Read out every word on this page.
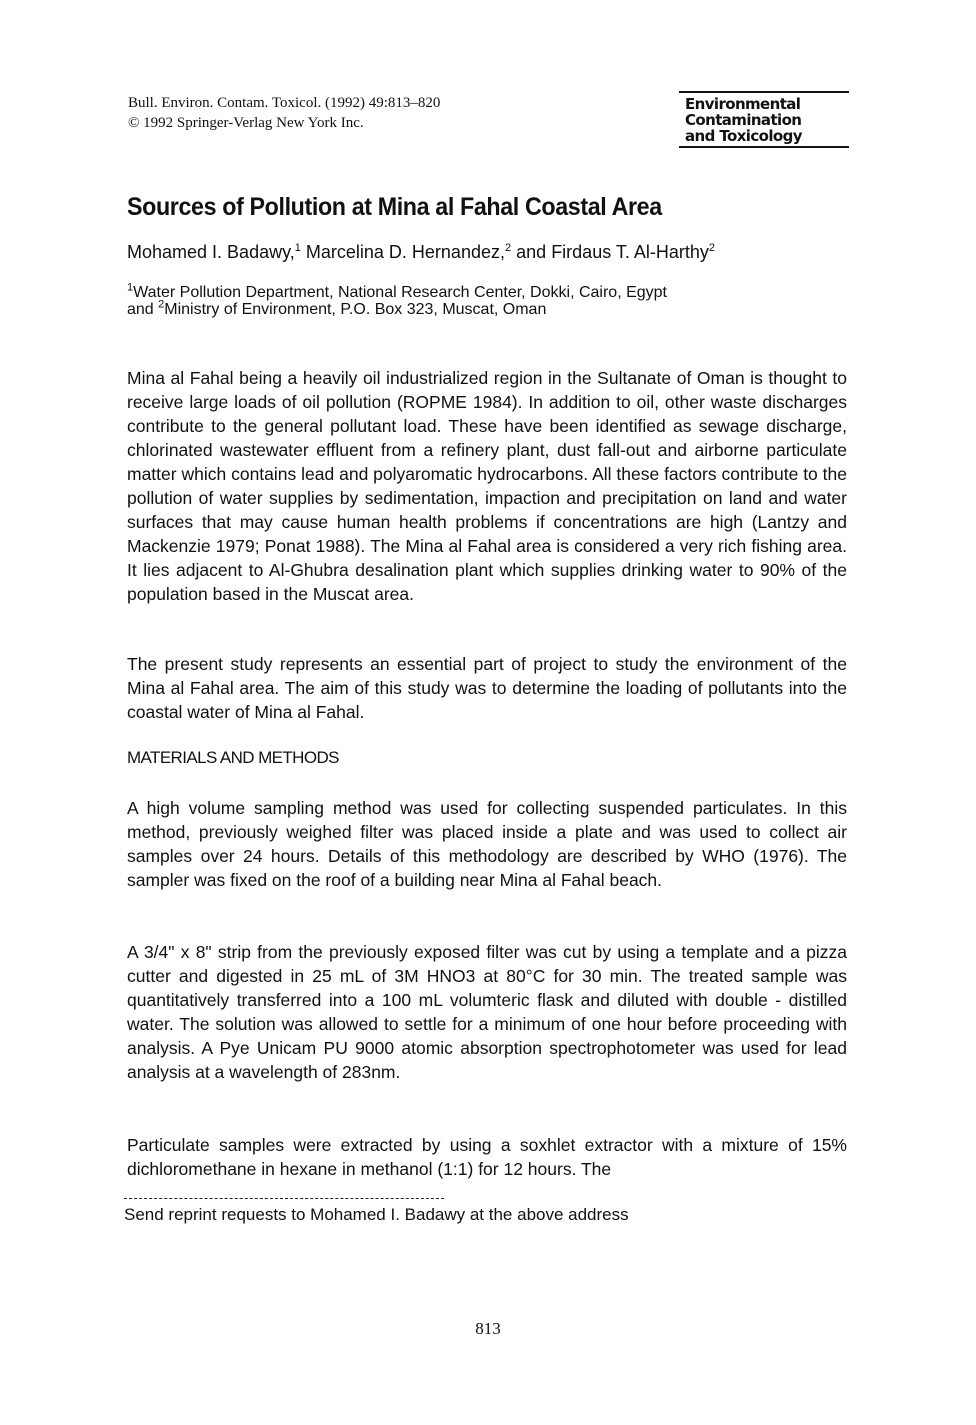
Bull. Environ. Contam. Toxicol. (1992) 49:813–820
© 1992 Springer-Verlag New York Inc.
Environmental
Contamination
and Toxicology
Sources of Pollution at Mina al Fahal Coastal Area
Mohamed I. Badawy,$^1$ Marcelina D. Hernandez,$^2$ and Firdaus T. Al-Harthy$^2$
$^1$Water Pollution Department, National Research Center, Dokki, Cairo, Egypt
and $^2$Ministry of Environment, P.O. Box 323, Muscat, Oman

Mina al Fahal being a heavily oil industrialized region in the Sultanate of Oman is thought to receive large loads of oil pollution (ROPME 1984). In addition to oil, other waste discharges contribute to the general pollutant load. These have been identified as sewage discharge, chlorinated wastewater effluent from a refinery plant, dust fall-out and airborne particulate matter which contains lead and polyaromatic hydrocarbons. All these factors contribute to the pollution of water supplies by sedimentation, impaction and precipitation on land and water surfaces that may cause human health problems if concentrations are high (Lantzy and Mackenzie 1979; Ponat 1988). The Mina al Fahal area is considered a very rich fishing area. It lies adjacent to Al-Ghubra desalination plant which supplies drinking water to 90% of the population based in the Muscat area.

The present study represents an essential part of project to study the environment of the Mina al Fahal area. The aim of this study was to determine the loading of pollutants into the coastal water of Mina al Fahal.

MATERIALS AND METHODS

A high volume sampling method was used for collecting suspended particulates. In this method, previously weighed filter was placed inside a plate and was used to collect air samples over 24 hours. Details of this methodology are described by WHO (1976). The sampler was fixed on the roof of a building near Mina al Fahal beach.

A 3/4" x 8" strip from the previously exposed filter was cut by using a template and a pizza cutter and digested in 25 mL of 3M HNO3 at 80°C for 30 min. The treated sample was quantitatively transferred into a 100 mL volumteric flask and diluted with double - distilled water. The solution was allowed to settle for a minimum of one hour before proceeding with analysis. A Pye Unicam PU 9000 atomic absorption spectrophotometer was used for lead analysis at a wavelength of 283nm.

Particulate samples were extracted by using a soxhlet extractor with a mixture of 15% dichloromethane in hexane in methanol (1:1) for 12 hours. The

Send reprint requests to Mohamed I. Badawy at the above address
813
